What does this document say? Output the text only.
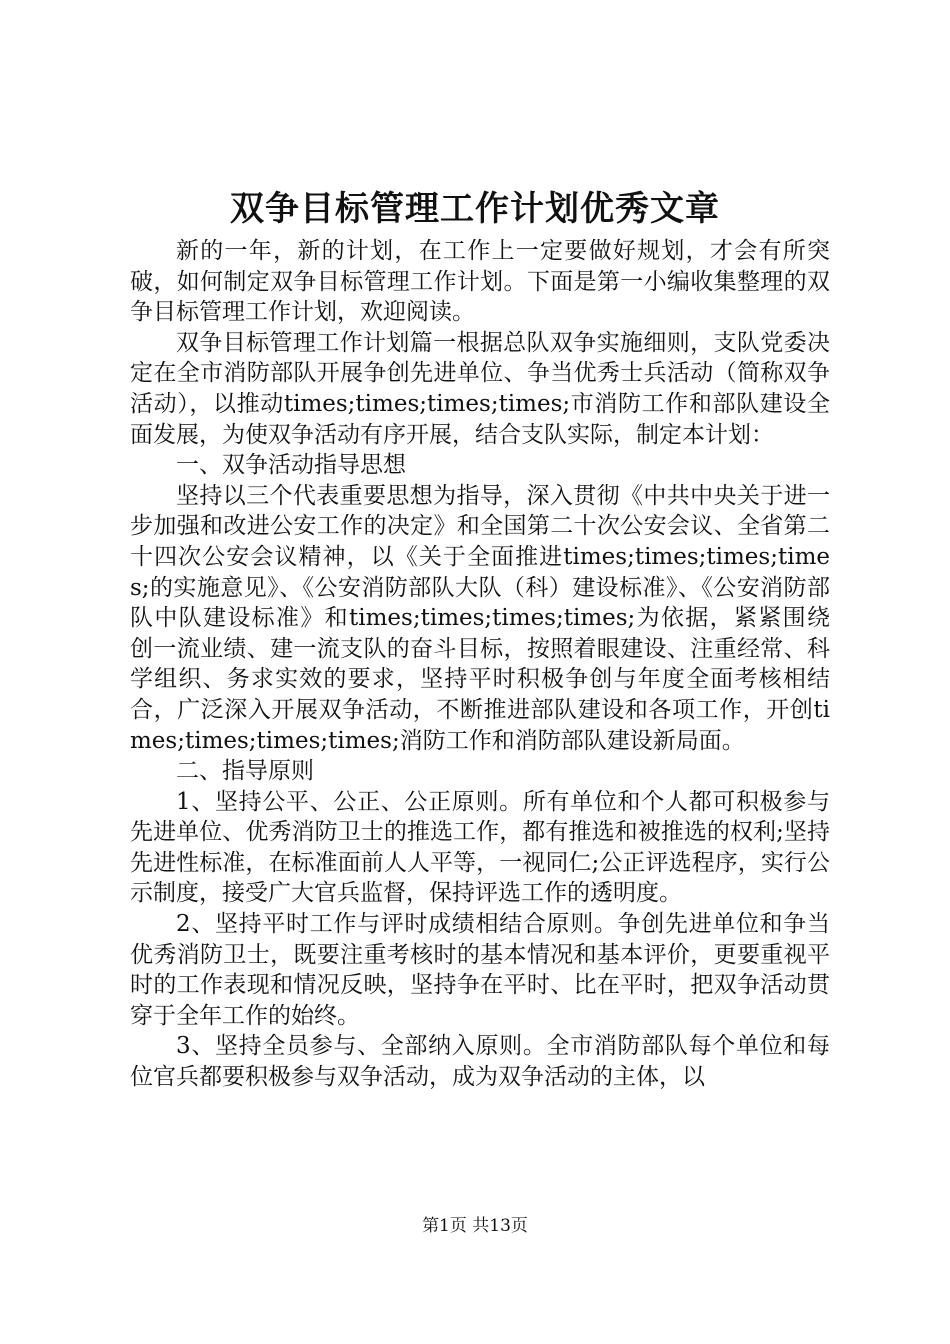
双争目标管理工作计划优秀文章

新的一年，新的计划，在工作上一定要做好规划，才会有所突破，如何制定双争目标管理工作计划。下面是第一小编收集整理的双争目标管理工作计划，欢迎阅读。

双争目标管理工作计划篇一根据总队双争实施细则，支队党委决定在全市消防部队开展争创先进单位、争当优秀士兵活动（简称双争活动），以推动times;times;times;times;市消防工作和部队建设全面发展，为使双争活动有序开展，结合支队实际，制定本计划：

一、双争活动指导思想

坚持以三个代表重要思想为指导，深入贯彻《中共中央关于进一步加强和改进公安工作的决定》和全国第二十次公安会议、全省第二十四次公安会议精神，以《关于全面推进times;times;times;times;的实施意见》、《公安消防部队大队（科）建设标准》、《公安消防部队中队建设标准》和times;times;times;times;为依据，紧紧围绕创一流业绩、建一流支队的奋斗目标，按照着眼建设、注重经常、科学组织、务求实效的要求，坚持平时积极争创与年度全面考核相结合，广泛深入开展双争活动，不断推进部队建设和各项工作，开创times;times;times;times;消防工作和消防部队建设新局面。

二、指导原则

1、坚持公平、公正、公正原则。所有单位和个人都可积极参与先进单位、优秀消防卫士的推选工作，都有推选和被推选的权利;坚持先进性标准，在标准面前人人平等，一视同仁;公正评选程序，实行公示制度，接受广大官兵监督，保持评选工作的透明度。

2、坚持平时工作与评时成绩相结合原则。争创先进单位和争当优秀消防卫士，既要注重考核时的基本情况和基本评价，更要重视平时的工作表现和情况反映，坚持争在平时、比在平时，把双争活动贯穿于全年工作的始终。

3、坚持全员参与、全部纳入原则。全市消防部队每个单位和每位官兵都要积极参与双争活动，成为双争活动的主体，以

第1页 共13页
